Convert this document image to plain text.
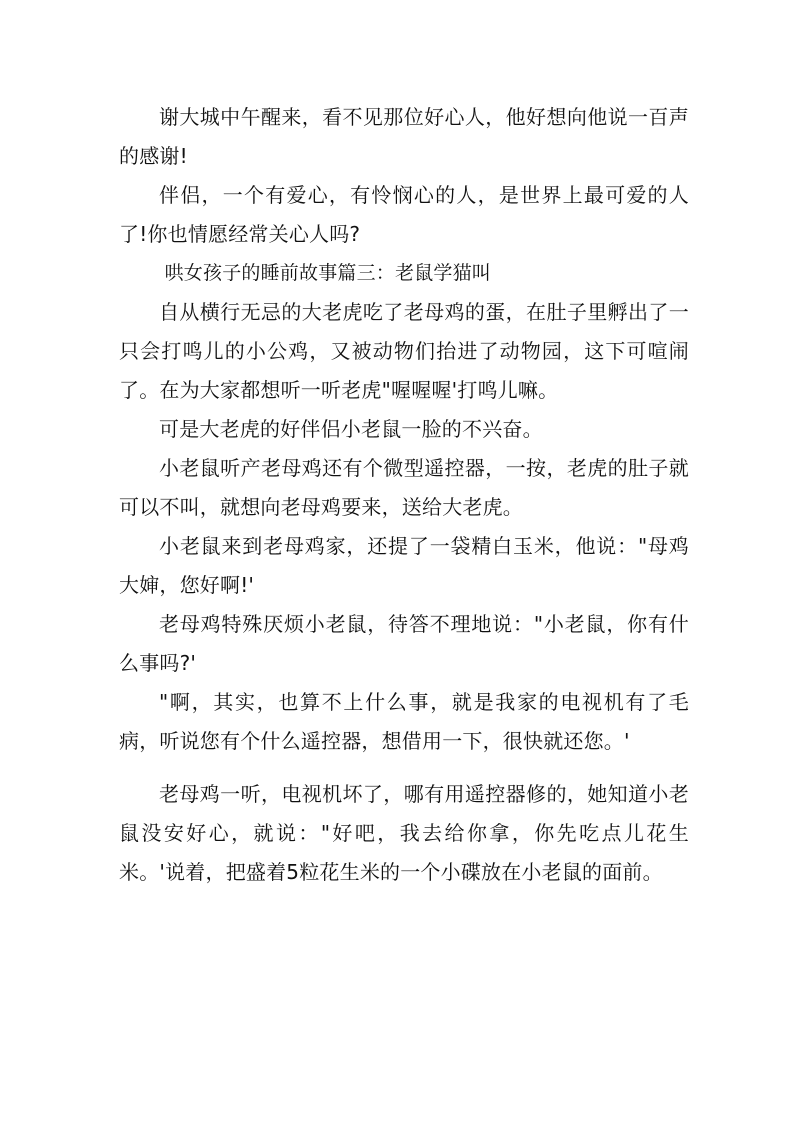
谢大城中午醒来，看不见那位好心人，他好想向他说一百声的感谢!

伴侣，一个有爱心，有怜悯心的人，是世界上最可爱的人了!你也情愿经常关心人吗?

哄女孩子的睡前故事篇三：老鼠学猫叫

自从横行无忌的大老虎吃了老母鸡的蛋，在肚子里孵出了一只会打鸣儿的小公鸡，又被动物们抬进了动物园，这下可喧闹了。在为大家都想听一听老虎"喔喔喔'打鸣儿嘛。

可是大老虎的好伴侣小老鼠一脸的不兴奋。

小老鼠听产老母鸡还有个微型遥控器，一按，老虎的肚子就可以不叫，就想向老母鸡要来，送给大老虎。

小老鼠来到老母鸡家，还提了一袋精白玉米，他说："母鸡大婶，您好啊!'

老母鸡特殊厌烦小老鼠，待答不理地说："小老鼠，你有什么事吗?'

"啊，其实，也算不上什么事，就是我家的电视机有了毛病，听说您有个什么遥控器，想借用一下，很快就还您。'

老母鸡一听，电视机坏了，哪有用遥控器修的，她知道小老鼠没安好心，就说："好吧，我去给你拿，你先吃点儿花生米。'说着，把盛着5粒花生米的一个小碟放在小老鼠的面前。
